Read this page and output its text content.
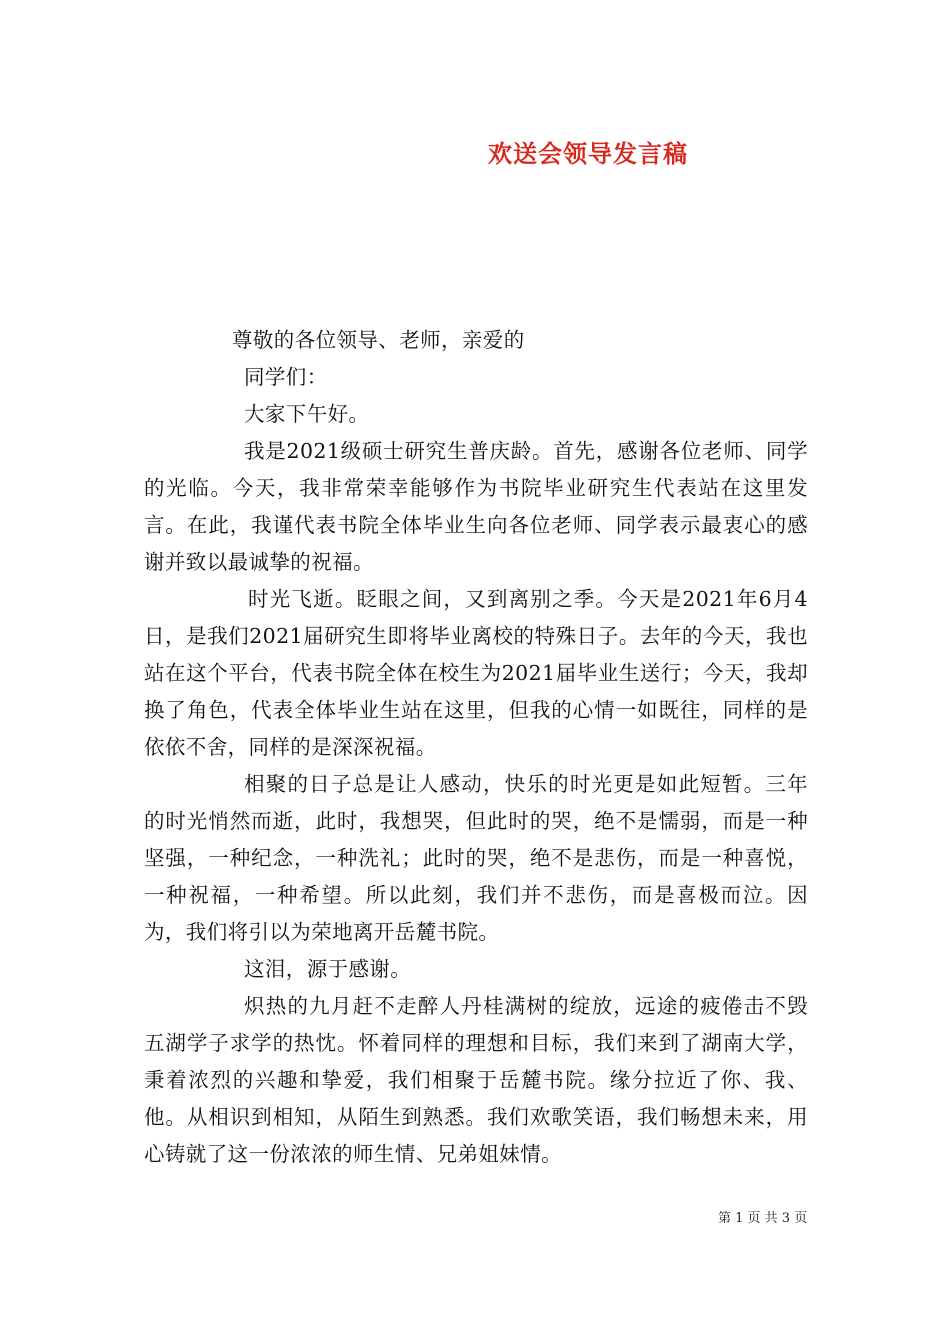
欢送会领导发言稿

尊敬的各位领导、老师，亲爱的

同学们：

大家下午好。

我是2021级硕士研究生普庆龄。首先，感谢各位老师、同学的光临。今天，我非常荣幸能够作为书院毕业研究生代表站在这里发言。在此，我谨代表书院全体毕业生向各位老师、同学表示最衷心的感谢并致以最诚挚的祝福。

时光飞逝。眨眼之间，又到离别之季。今天是2021年6月4日，是我们2021届研究生即将毕业离校的特殊日子。去年的今天，我也站在这个平台，代表书院全体在校生为2021届毕业生送行；今天，我却换了角色，代表全体毕业生站在这里，但我的心情一如既往，同样的是依依不舍，同样的是深深祝福。

相聚的日子总是让人感动，快乐的时光更是如此短暂。三年的时光悄然而逝，此时，我想哭，但此时的哭，绝不是懦弱，而是一种坚强，一种纪念，一种洗礼；此时的哭，绝不是悲伤，而是一种喜悦，一种祝福，一种希望。所以此刻，我们并不悲伤，而是喜极而泣。因为，我们将引以为荣地离开岳麓书院。

这泪，源于感谢。

炽热的九月赶不走醉人丹桂满树的绽放，远途的疲倦击不毁五湖学子求学的热忱。怀着同样的理想和目标，我们来到了湖南大学，秉着浓烈的兴趣和挚爱，我们相聚于岳麓书院。缘分拉近了你、我、他。从相识到相知，从陌生到熟悉。我们欢歌笑语，我们畅想未来，用心铸就了这一份浓浓的师生情、兄弟姐妹情。

第 1 页 共 3 页
